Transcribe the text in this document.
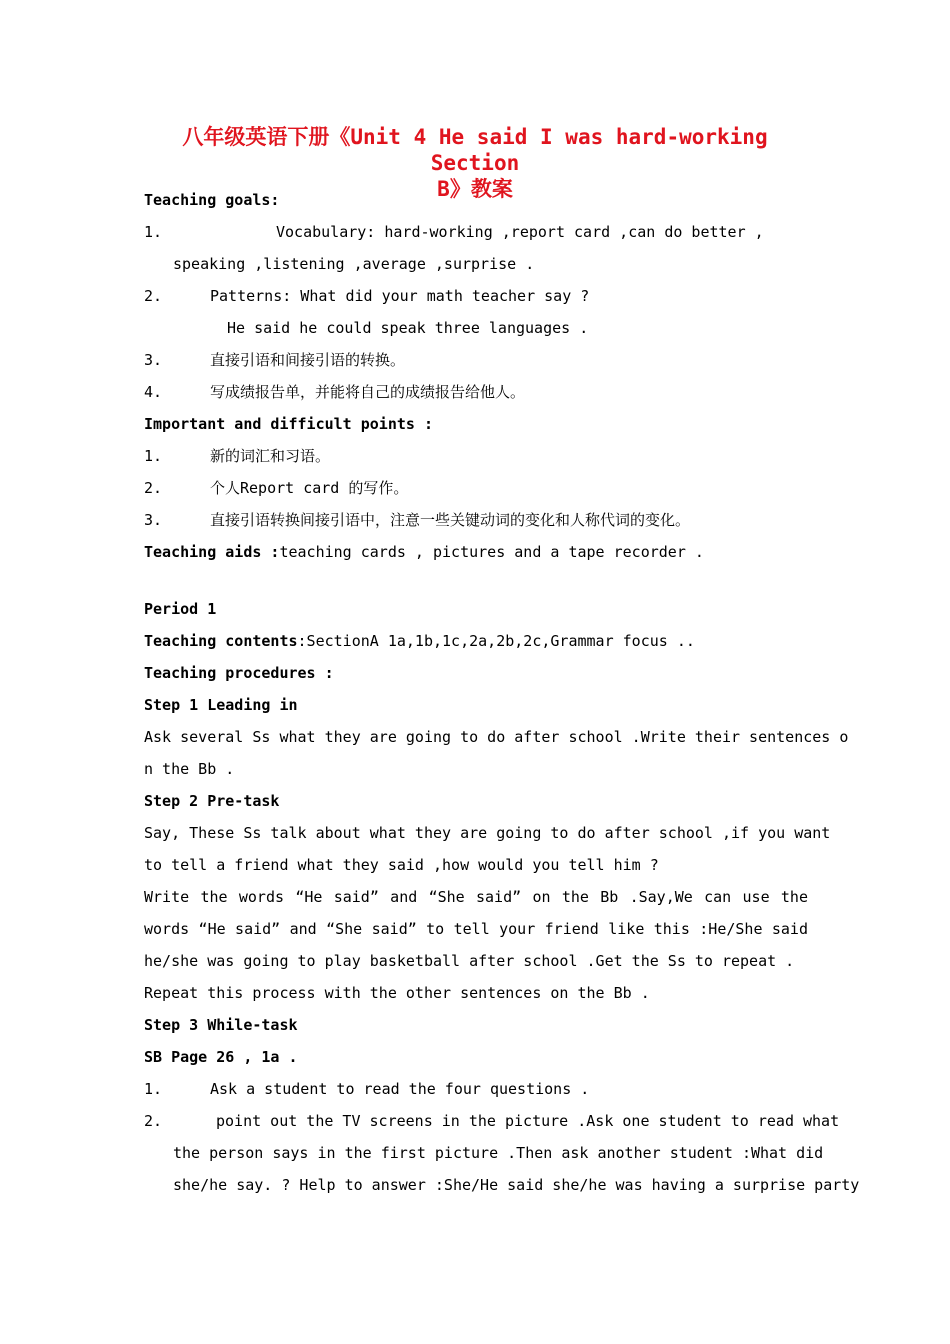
八年级英语下册《Unit 4 He said I was hard-working Section
B》教案
Teaching goals:
1.	Vocabulary: hard-working ,report card ,can do better ,
speaking ,listening ,average ,surprise .
2.	Patterns: What did your math teacher say ?
He said he could speak three languages .
3.	直接引语和间接引语的转换。
4.	写成绩报告单，并能将自己的成绩报告给他人。
Important and difficult points :
1.	新的词汇和习语。
2.	个人Report card 的写作。
3.	直接引语转换间接引语中，注意一些关键动词的变化和人称代词的变化。
Teaching aids :teaching cards , pictures and a tape recorder .
Period 1
Teaching contents:SectionA 1a,1b,1c,2a,2b,2c,Grammar focus ..
Teaching procedures :
Step 1 Leading in
Ask several Ss what they are going to do after school .Write their sentences o
n the Bb .
Step 2 Pre-task
Say, These Ss talk about what they are going to do after school ,if you want
to tell a friend what they said ,how would you tell him ?
Write the words “He said” and “She said” on the Bb .Say,We can use the
words “He said” and “She said” to tell your friend like this :He/She said
he/she was going to play basketball after school .Get the Ss to repeat .
Repeat this process with the other sentences on the Bb .
Step 3 While-task
SB Page 26 , 1a .
1.	Ask a student to read the four questions .
2.	point out the TV screens in the picture .Ask one student to read what
the person says in the first picture .Then ask another student :What did
she/he say. ? Help to answer :She/He said she/he was having a surprise party
